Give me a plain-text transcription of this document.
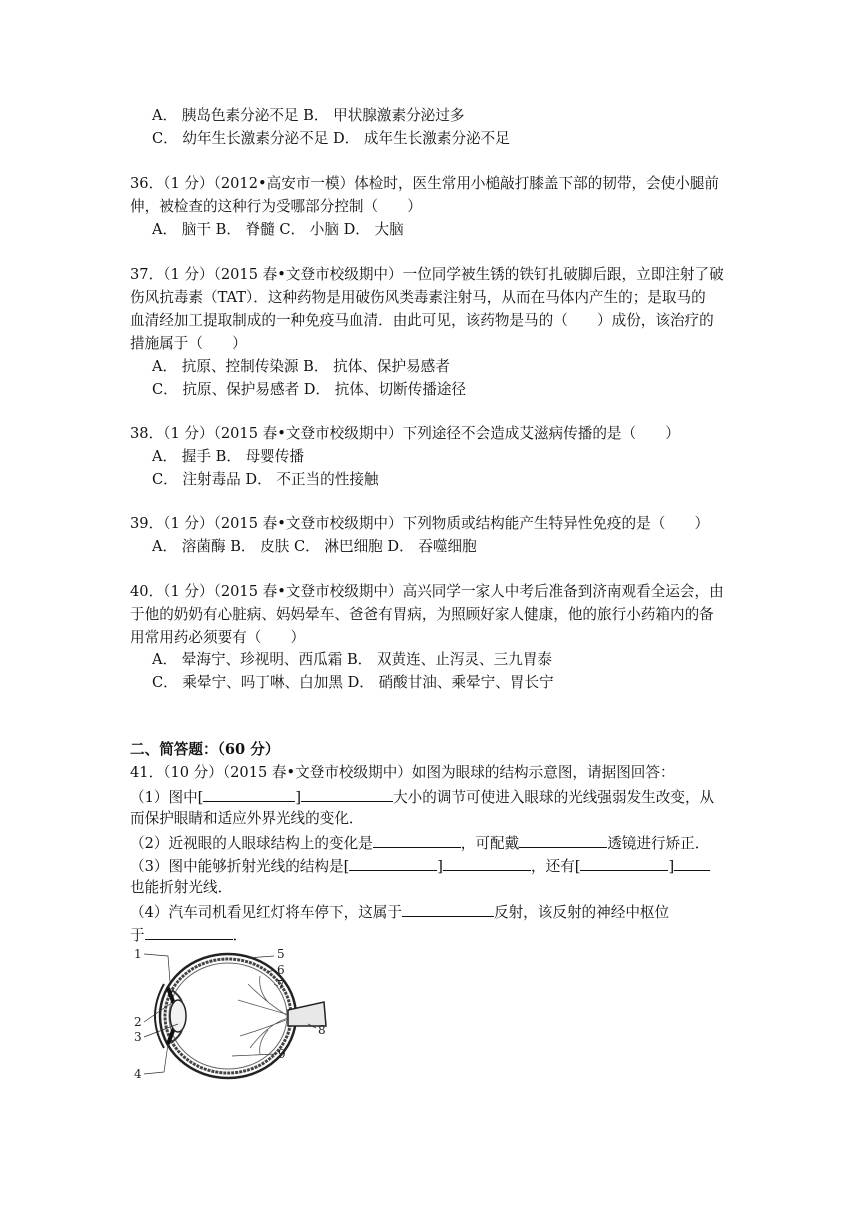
A． 胰岛色素分泌不足 B． 甲状腺激素分泌过多
C． 幼年生长激素分泌不足 D． 成年生长激素分泌不足
36．（1 分）（2012•高安市一模）体检时，医生常用小槌敲打膝盖下部的韧带，会使小腿前
伸，被检查的这种行为受哪部分控制（　　）
A． 脑干 B． 脊髓 C． 小脑 D． 大脑
37．（1 分）（2015 春•文登市校级期中）一位同学被生锈的铁钉扎破脚后跟，立即注射了破
伤风抗毒素（TAT）．这种药物是用破伤风类毒素注射马，从而在马体内产生的；是取马的
血清经加工提取制成的一种免疫马血清．由此可见，该药物是马的（　　）成份，该治疗的
措施属于（　　）
A． 抗原、控制传染源 B． 抗体、保护易感者
C． 抗原、保护易感者 D． 抗体、切断传播途径
38．（1 分）（2015 春•文登市校级期中）下列途径不会造成艾滋病传播的是（　　）
A． 握手 B． 母婴传播
C． 注射毒品 D． 不正当的性接触
39．（1 分）（2015 春•文登市校级期中）下列物质或结构能产生特异性免疫的是（　　）
A． 溶菌酶 B． 皮肤 C． 淋巴细胞 D． 吞噬细胞
40．（1 分）（2015 春•文登市校级期中）高兴同学一家人中考后准备到济南观看全运会，由
于他的奶奶有心脏病、妈妈晕车、爸爸有胃病，为照顾好家人健康，他的旅行小药箱内的备
用常用药必须要有（　　）
A． 晕海宁、珍视明、西瓜霜 B． 双黄连、止泻灵、三九胃泰
C． 乘晕宁、吗丁啉、白加黑 D． 硝酸甘油、乘晕宁、胃长宁
二、简答题：（60 分）
41．（10 分）（2015 春•文登市校级期中）如图为眼球的结构示意图，请据图回答：
（1）图中[	]	大小的调节可使进入眼球的光线强弱发生改变，从
而保护眼睛和适应外界光线的变化．
（2）近视眼的人眼球结构上的变化是	，可配戴	透镜进行矫正．
（3）图中能够折射光线的结构是[	]	，还有[	]
也能折射光线．
（4）汽车司机看见红灯将车停下，这属于	反射，该反射的神经中枢位
于	．
1
2
3
4
5
6
7
8
9
